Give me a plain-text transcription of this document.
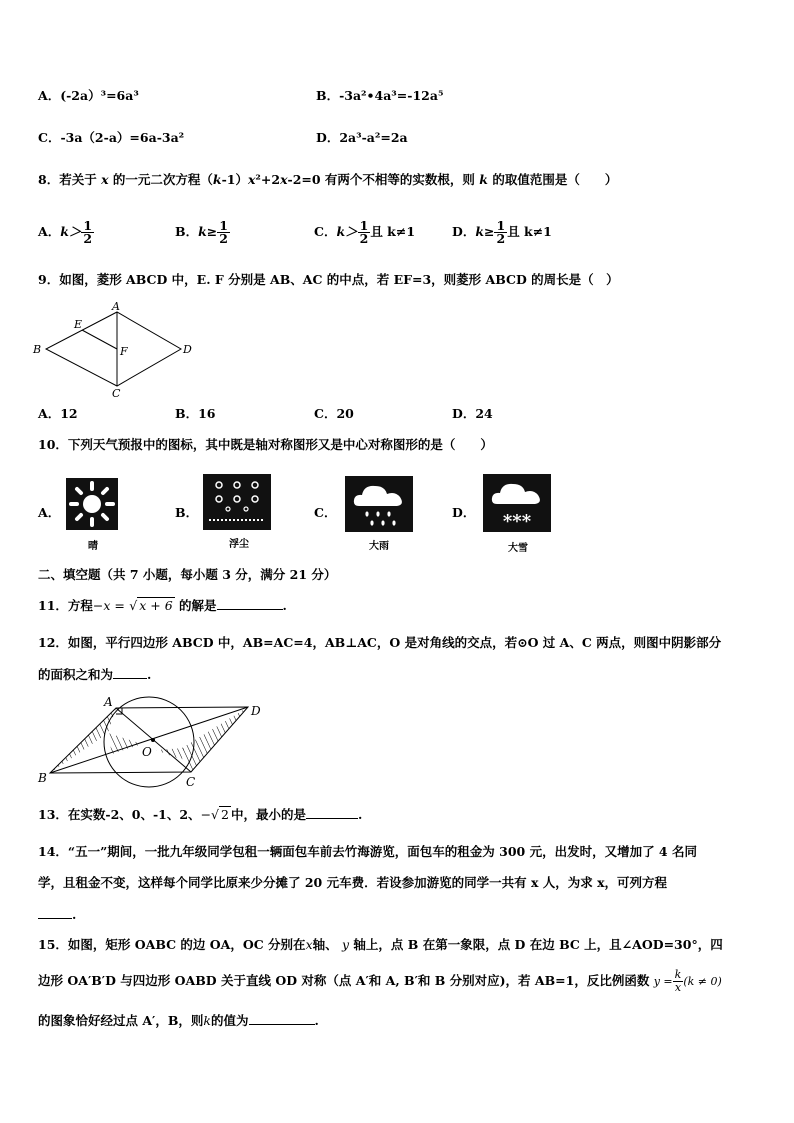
A．(-2a）³=6a³	B．-3a²•4a³=-12a⁵
C．-3a（2-a）=6a-3a²	D．2a³-a²=2a
8．若关于 x 的一元二次方程（k-1）x²+2x-2=0 有两个不相等的实数根，则 k 的取值范围是（　　）
A．$k> \frac{1}{2}$	B．$k\ge \frac{1}{2}$	C．$k> \frac{1}{2}$ 且 k≠1	D．$k\ge \frac{1}{2}$ 且 k≠1
9．如图，菱形 ABCD 中，E. F 分别是 AB、AC 的中点，若 EF=3，则菱形 ABCD 的周长是（　）
A
B
C
D
E
F
A．12	B．16	C．20	D．24
10．下列天气预报中的图标，其中既是轴对称图形又是中心对称图形的是（　　）
A．
晴
B．
浮尘
C．
大雨
D． ***
大雪
二、填空题（共 7 小题，每小题 3 分，满分 21 分）
11．方程−x = √ x + 6 的解是	.
12．如图，平行四边形 ABCD 中，AB=AC=4，AB⊥AC，O 是对角线的交点，若⊙O 过 A、C 两点，则图中阴影部分
的面积之和为	.
A
B	C
D
O
13．在实数-2、0、-1、2、−√ 2 中，最小的是	.
14．“五一”期间，一批九年级同学包租一辆面包车前去竹海游览，面包车的租金为 300 元，出发时，又增加了 4 名同
学，且租金不变，这样每个同学比原来少分摊了 20 元车费．若设参加游览的同学一共有 x 人，为求 x，可列方程
.
15．如图，矩形 OABC 的边 OA，OC 分别在x轴、 y 轴上，点 B 在第一象限，点 D 在边 BC 上，且∠AOD=30°，四
边形 OA′B′D 与四边形 OABD 关于直线 OD 对称（点 A′和 A, B′和 B 分别对应)，若 AB=1，反比例函数 $y = \frac{k}{x} (k \ne 0)$
的图象恰好经过点 A′，B，则k的值为	.
